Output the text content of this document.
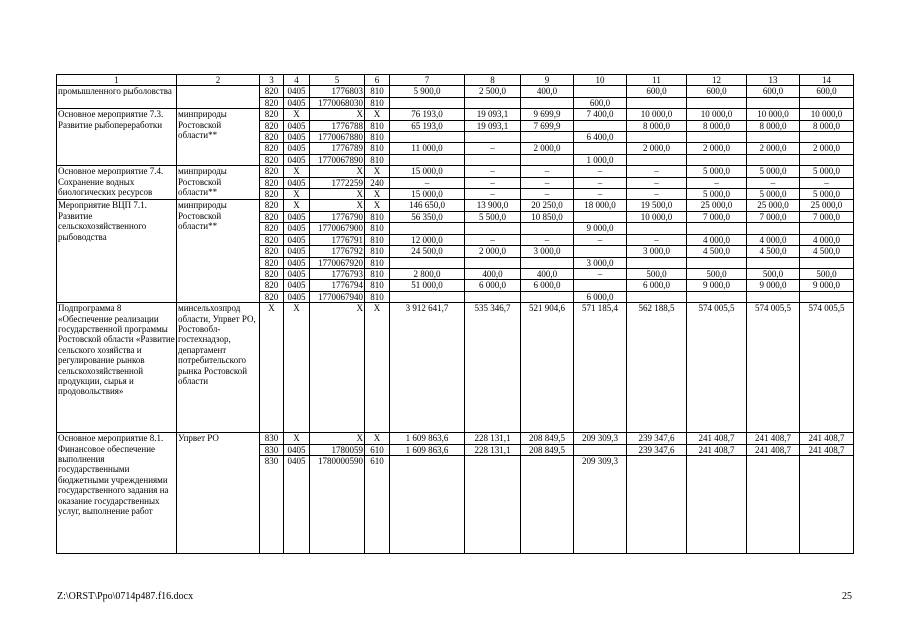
1	2	3	4	5	6	7	8	9	10	11	12	13	14
промышленного рыболовства		820	0405	1776803	810	5 900,0	2 500,0	400,0		600,0	600,0	600,0	600,0
		820	0405	1770068030	810				600,0				
Основное мероприятие 7.3. Развитие рыбопереработки	минприроды Ростовской области**	820	X	X	X	76 193,0	19 093,1	9 699,9	7 400,0	10 000,0	10 000,0	10 000,0	10 000,0
		820	0405	1776788	810	65 193,0	19 093,1	7 699,9		8 000,0	8 000,0	8 000,0	8 000,0
		820	0405	1770067880	810				6 400,0				
		820	0405	1776789	810	11 000,0	–	2 000,0		2 000,0	2 000,0	2 000,0	2 000,0
		820	0405	1770067890	810				1 000,0				
Основное мероприятие 7.4. Сохранение водных биологических ресурсов	минприроды Ростовской области**	820	X	X	X	15 000,0	–	–	–	–	5 000,0	5 000,0	5 000,0
		820	0405	1772259	240	–	–	–	–	–	–	–	–
		820	X	X	X	15 000,0	–	–	–	–	5 000,0	5 000,0	5 000,0
Мероприятие ВЦП 7.1. Развитие сельскохозяйственного рыбоводства	минприроды Ростовской области**	820	X	X	X	146 650,0	13 900,0	20 250,0	18 000,0	19 500,0	25 000,0	25 000,0	25 000,0
		820	0405	1776790	810	56 350,0	5 500,0	10 850,0		10 000,0	7 000,0	7 000,0	7 000,0
		820	0405	1770067900	810				9 000,0				
		820	0405	1776791	810	12 000,0	–	–	–	–	4 000,0	4 000,0	4 000,0
		820	0405	1776792	810	24 500,0	2 000,0	3 000,0		3 000,0	4 500,0	4 500,0	4 500,0
		820	0405	1770067920	810				3 000,0				
		820	0405	1776793	810	2 800,0	400,0	400,0	–	500,0	500,0	500,0	500,0
		820	0405	1776794	810	51 000,0	6 000,0	6 000,0		6 000,0	9 000,0	9 000,0	9 000,0
		820	0405	1770067940	810				6 000,0				
Подпрограмма 8 «Обеспечение реализации государственной программы Ростовской области «Развитие сельского хозяйства и регулирование рынков сельскохозяйственной продукции, сырья и продовольствия»	минсельхозпрод области, Упрвет РО, Ростовобл-гостехнадзор, департамент потребительского рынка Ростовской области	X	X	X	X	3 912 641,7	535 346,7	521 904,6	571 185,4	562 188,5	574 005,5	574 005,5	574 005,5
Основное мероприятие 8.1. Финансовое обеспечение выполнения государственными бюджетными учреждениями государственного задания на оказание государственных услуг, выполнение работ	Упрвет РО	830	X	X	X	1 609 863,6	228 131,1	208 849,5	209 309,3	239 347,6	241 408,7	241 408,7	241 408,7
		830	0405	1780059	610	1 609 863,6	228 131,1	208 849,5		239 347,6	241 408,7	241 408,7	241 408,7
		830	0405	1780000590	610				209 309,3				
Z:\ORST\Ppo\0714p487.f16.docx	25
